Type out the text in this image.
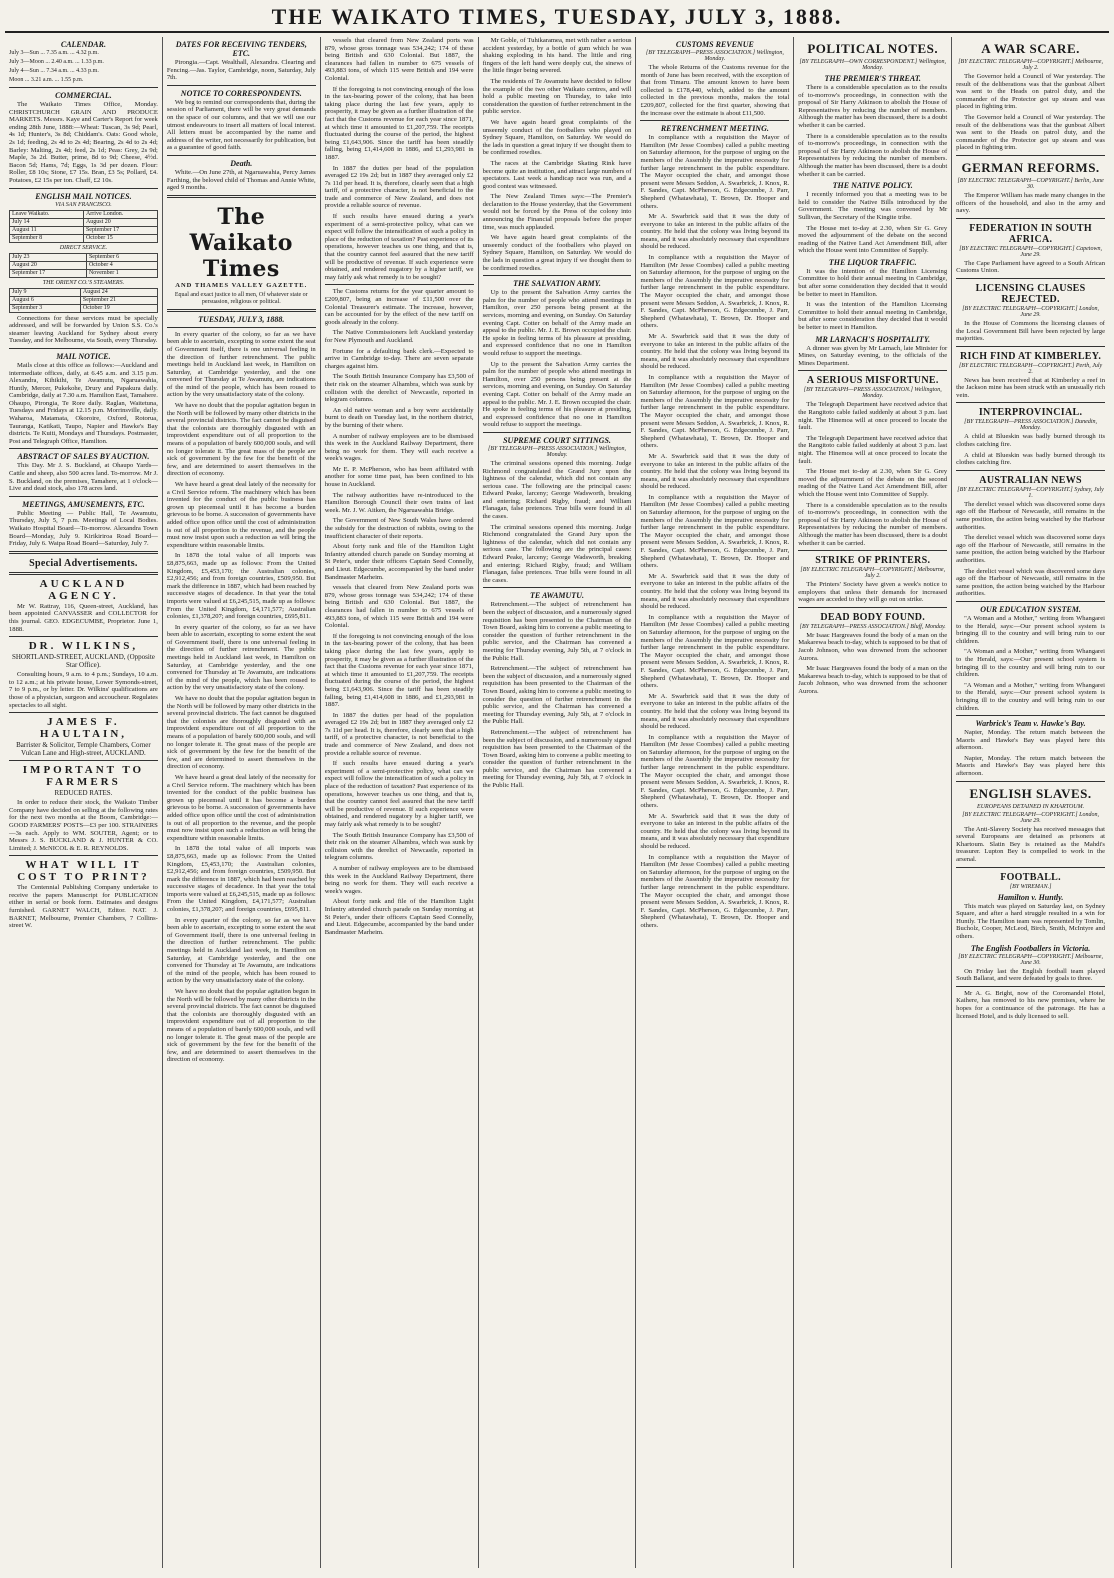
THE WAIKATO TIMES, TUESDAY, JULY 3, 1888.
CALENDAR.
July 3—Sun ... 7.35 a.m. ... 4.32 p.m.
July 3—Moon ... 2.40 a.m. ... 1.33 p.m.
July 4—Sun ... 7.34 a.m. ... 4.33 p.m.
Moon ... 3.21 a.m. ... 1.55 p.m.
COMMERCIAL.

The Waikato Times Office, Monday. CHRISTCHURCH GRAIN AND PRODUCE MARKETS. Messrs. Kaye and Carter's Report for week ending 28th June, 1888:—Wheat: Tuscan, 3s 9d; Pearl, 4s 1d; Hunter's, 3s 8d; Chiddam's. Oats: Good whole, 2s 1d; feeding, 2s 4d to 2s 4d; Bearing, 2s 4d to 2s 4d; Barley: Malting, 2s 4d; feed, 2s 1d; Peas: Grey, 2s 9d; Maple, 3s 2d. Butter, prime, 8d to 9d; Cheese, 4½d. Bacon 5d; Hams, 7d; Eggs, 1s 3d per dozen. Flour: Roller, £8 10s; Stone, £7 15s. Bran, £3 5s; Pollard, £4. Potatoes, £2 15s per ton. Chaff, £2 10s.

ENGLISH MAIL NOTICES.
VIA SAN FRANCISCO.
Leave Waikato.	Arrive London.
July 14	August 20
August 11	September 17
September 8	October 15
DIRECT SERVICE.
July 23	September 6
August 20	October 4
September 17	November 1
THE ORIENT CO.'S STEAMERS.
July 9	August 24
August 6	September 21
September 3	October 19

Connections for these services must be specially addressed, and will be forwarded by Union S.S. Co.'s steamer leaving Auckland for Sydney about every Tuesday, and for Melbourne, via South, every Thursday.

MAIL NOTICE.

Mails close at this office as follows:—Auckland and intermediate offices, daily, at 6.45 a.m. and 3.15 p.m. Alexandra, Kihikihi, Te Awamutu, Ngaruawahia, Huntly, Mercer, Pukekohe, Drury and Papakura daily. Cambridge, daily at 7.30 a.m. Hamilton East, Tamahere. Ohaupo, Pirongia, Te Rore daily. Raglan, Waitetuna, Tuesdays and Fridays at 12.15 p.m. Morrinsville, daily. Waharoa, Matamata, Okoroire, Oxford, Rotorua, Tauranga, Katikati, Taupo, Napier and Hawke's Bay districts. Te Kuiti, Mondays and Thursdays. Postmaster, Post and Telegraph Office, Hamilton.

ABSTRACT OF SALES BY AUCTION.

This Day. Mr J. S. Buckland, at Ohaupo Yards—Cattle and sheep, also 500 acres land. To-morrow. Mr J. S. Buckland, on the premises, Tamahere, at 1 o'clock—Live and dead stock, also 178 acres land.

MEETINGS, AMUSEMENTS, ETC.

Public Meeting — Public Hall, Te Awamutu, Thursday, July 5, 7 p.m. Meetings of Local Bodies. Waikato Hospital Board—To-morrow. Alexandra Town Board—Monday, July 9. Kirikiriroa Road Board—Friday, July 6. Waipa Road Board—Saturday, July 7.

Special Advertisements.
AUCKLAND AGENCY.

Mr W. Rattray, 116, Queen-street, Auckland, has been appointed CANVASSER and COLLECTOR for this journal. GEO. EDGECUMBE, Proprietor. June 1, 1888.

DR. WILKINS,
SHORTLAND-STREET, AUCKLAND, (Opposite Star Office).

Consulting hours, 9 a.m. to 4 p.m.; Sundays, 10 a.m. to 12 a.m.; at his private house, Lower Symonds-street, 7 to 9 p.m., or by letter. Dr. Wilkins' qualifications are those of a physician, surgeon and accoucheur. Regulates spectacles to all sight.

JAMES F. HAULTAIN,
Barrister & Solicitor, Temple Chambers, Corner Vulcan Lane and High-street, AUCKLAND.
IMPORTANT TO FARMERS
REDUCED RATES.

In order to reduce their stock, the Waikato Timber Company have decided on selling at the following rates for the next two months at the Boom, Cambridge:— GOOD FARMERS' POSTS—£3 per 100. STRAINERS—3s each. Apply to WM. SOUTER, Agent; or to Messrs J. S. BUCKLAND & J. HUNTER & CO. Limited; J. McNICOL & E. R. REYNOLDS.

WHAT WILL IT COST TO PRINT?

The Centennial Publishing Company undertake to receive the papers Manuscript for PUBLICATION either in serial or book form. Estimates and designs furnished. GARNET WALCH, Editor. NAT. J. BARNET, Melbourne, Premier Chambers, 7 Collins-street W.

DATES FOR RECEIVING TENDERS, ETC.

Pirongia.—Capt. Wealthall, Alexandra. Clearing and Fencing.—Jas. Taylor, Cambridge, noon, Saturday, July 7th.

NOTICE TO CORRESPONDENTS.

We beg to remind our correspondents that, during the session of Parliament, there will be very great demands on the space of our columns, and that we will use our utmost endeavours to insert all matters of local interest. All letters must be accompanied by the name and address of the writer, not necessarily for publication, but as a guarantee of good faith.

Death.

White.—On June 27th, at Ngaruawahia, Percy James Farthing, the beloved child of Thomas and Annie White, aged 9 months.

The Waikato Times
AND THAMES VALLEY GAZETTE.
Equal and exact justice to all men, Of whatever state or persuasion, religious or political.
TUESDAY, JULY 3, 1888.

In every quarter of the colony, so far as we have been able to ascertain, excepting to some extent the seat of Government itself, there is one universal feeling in the direction of further retrenchment. The public meetings held in Auckland last week, in Hamilton on Saturday, at Cambridge yesterday, and the one convened for Thursday at Te Awamutu, are indications of the mind of the people, which has been roused to action by the very unsatisfactory state of the colony.

We have no doubt that the popular agitation begun in the North will be followed by many other districts in the several provincial districts. The fact cannot be disguised that the colonists are thoroughly disgusted with an improvident expenditure out of all proportion to the means of a population of barely 600,000 souls, and will no longer tolerate it. The great mass of the people are sick of government by the few for the benefit of the few, and are determined to assert themselves in the direction of economy.

We have heard a great deal lately of the necessity for a Civil Service reform. The machinery which has been invented for the conduct of the public business has grown up piecemeal until it has become a burden grievous to be borne. A succession of governments have added office upon office until the cost of administration is out of all proportion to the revenue, and the people must now insist upon such a reduction as will bring the expenditure within reasonable limits.

In 1878 the total value of all imports was £8,875,663, made up as follows: From the United Kingdom, £5,453,170; the Australian colonies, £2,912,456; and from foreign countries, £509,950. But mark the difference in 1887, which had been reached by successive stages of decadence. In that year the total imports were valued at £6,245,515, made up as follows: From the United Kingdom, £4,171,577; Australian colonies, £1,378,207; and foreign countries, £695,811.

In every quarter of the colony, so far as we have been able to ascertain, excepting to some extent the seat of Government itself, there is one universal feeling in the direction of further retrenchment. The public meetings held in Auckland last week, in Hamilton on Saturday, at Cambridge yesterday, and the one convened for Thursday at Te Awamutu, are indications of the mind of the people, which has been roused to action by the very unsatisfactory state of the colony.

We have no doubt that the popular agitation begun in the North will be followed by many other districts in the several provincial districts. The fact cannot be disguised that the colonists are thoroughly disgusted with an improvident expenditure out of all proportion to the means of a population of barely 600,000 souls, and will no longer tolerate it. The great mass of the people are sick of government by the few for the benefit of the few, and are determined to assert themselves in the direction of economy.

We have heard a great deal lately of the necessity for a Civil Service reform. The machinery which has been invented for the conduct of the public business has grown up piecemeal until it has become a burden grievous to be borne. A succession of governments have added office upon office until the cost of administration is out of all proportion to the revenue, and the people must now insist upon such a reduction as will bring the expenditure within reasonable limits.

In 1878 the total value of all imports was £8,875,663, made up as follows: From the United Kingdom, £5,453,170; the Australian colonies, £2,912,456; and from foreign countries, £509,950. But mark the difference in 1887, which had been reached by successive stages of decadence. In that year the total imports were valued at £6,245,515, made up as follows: From the United Kingdom, £4,171,577; Australian colonies, £1,378,207; and foreign countries, £695,811.

In every quarter of the colony, so far as we have been able to ascertain, excepting to some extent the seat of Government itself, there is one universal feeling in the direction of further retrenchment. The public meetings held in Auckland last week, in Hamilton on Saturday, at Cambridge yesterday, and the one convened for Thursday at Te Awamutu, are indications of the mind of the people, which has been roused to action by the very unsatisfactory state of the colony.

We have no doubt that the popular agitation begun in the North will be followed by many other districts in the several provincial districts. The fact cannot be disguised that the colonists are thoroughly disgusted with an improvident expenditure out of all proportion to the means of a population of barely 600,000 souls, and will no longer tolerate it. The great mass of the people are sick of government by the few for the benefit of the few, and are determined to assert themselves in the direction of economy.

vessels that cleared from New Zealand ports was 879, whose gross tonnage was 534,242; 174 of these being British and 630 Colonial. But 1887, the clearances had fallen in number to 675 vessels of 493,883 tons, of which 115 were British and 194 were Colonial.

If the foregoing is not convincing enough of the loss in the tax-bearing power of the colony, that has been taking place during the last few years, apply to prosperity, it may be given as a further illustration of the fact that the Customs revenue for each year since 1871, at which time it amounted to £1,207,759. The receipts fluctuated during the course of the period, the highest being £1,643,906. Since the tariff has been steadily falling, being £1,414,608 in 1886, and £1,293,981 in 1887.

In 1887 the duties per head of the population averaged £2 19s 2d; but in 1887 they averaged only £2 7s 11d per head. It is, therefore, clearly seen that a high tariff, of a protective character, is not beneficial to the trade and commerce of New Zealand, and does not provide a reliable source of revenue.

If such results have ensued during a year's experiment of a semi-protective policy, what can we expect will follow the intensification of such a policy in place of the reduction of taxation? Past experience of its operations, however teaches us one thing, and that is, that the country cannot feel assured that the new tariff will be productive of revenue. If such experience were obtained, and rendered nugatory by a higher tariff, we may fairly ask what remedy is to be sought?

The Customs returns for the year quarter amount to £209,807, being an increase of £11,500 over the Colonial Treasurer's estimate. The increase, however, can be accounted for by the effect of the new tariff on goods already in the colony.

The Native Commissioners left Auckland yesterday for New Plymouth and Auckland.

Fortune for a defaulting bank clerk.—Expected to arrive in Cambridge to-day. There are seven separate charges against him.

The South British Insurance Company has £3,500 of their risk on the steamer Alhambra, which was sunk by collision with the derelict of Newcastle, reported in telegram columns.

An old native woman and a boy were accidentally burnt to death on Tuesday last, in the northern district, by the burning of their where.

A number of railway employees are to be dismissed this week in the Auckland Railway Department, there being no work for them. They will each receive a week's wages.

Mr E. P. McPherson, who has been affiliated with another for some time past, has been confined to his house in Auckland.

The railway authorities have re-introduced to the Hamilton Borough Council their own trains of last week. Mr. J. W. Aitken, the Ngaruawahia Bridge.

The Government of New South Wales have ordered the subsidy for the destruction of rabbits, owing to the insufficient character of their reports.

About forty rank and file of the Hamilton Light Infantry attended church parade on Sunday morning at St Peter's, under their officers Captain Seed Connelly, and Lieut. Edgecumbe, accompanied by the band under Bandmaster Marheim.

vessels that cleared from New Zealand ports was 879, whose gross tonnage was 534,242; 174 of these being British and 630 Colonial. But 1887, the clearances had fallen in number to 675 vessels of 493,883 tons, of which 115 were British and 194 were Colonial.

If the foregoing is not convincing enough of the loss in the tax-bearing power of the colony, that has been taking place during the last few years, apply to prosperity, it may be given as a further illustration of the fact that the Customs revenue for each year since 1871, at which time it amounted to £1,207,759. The receipts fluctuated during the course of the period, the highest being £1,643,906. Since the tariff has been steadily falling, being £1,414,608 in 1886, and £1,293,981 in 1887.

In 1887 the duties per head of the population averaged £2 19s 2d; but in 1887 they averaged only £2 7s 11d per head. It is, therefore, clearly seen that a high tariff, of a protective character, is not beneficial to the trade and commerce of New Zealand, and does not provide a reliable source of revenue.

If such results have ensued during a year's experiment of a semi-protective policy, what can we expect will follow the intensification of such a policy in place of the reduction of taxation? Past experience of its operations, however teaches us one thing, and that is, that the country cannot feel assured that the new tariff will be productive of revenue. If such experience were obtained, and rendered nugatory by a higher tariff, we may fairly ask what remedy is to be sought?

The South British Insurance Company has £3,500 of their risk on the steamer Alhambra, which was sunk by collision with the derelict of Newcastle, reported in telegram columns.

A number of railway employees are to be dismissed this week in the Auckland Railway Department, there being no work for them. They will each receive a week's wages.

About forty rank and file of the Hamilton Light Infantry attended church parade on Sunday morning at St Peter's, under their officers Captain Seed Connelly, and Lieut. Edgecumbe, accompanied by the band under Bandmaster Marheim.

Mr Goble, of Tuhikaramea, met with rather a serious accident yesterday, by a bottle of gum which he was shaking exploding in his hand. The little and ring fingers of the left hand were deeply cut, the sinews of the little finger being severed.

The residents of Te Awamutu have decided to follow the example of the two other Waikato centres, and will hold a public meeting on Thursday, to take into consideration the question of further retrenchment in the public service.

We have again heard great complaints of the unseemly conduct of the footballers who played on Sydney Square, Hamilton, on Saturday. We would do the lads in question a great injury if we thought them to be confirmed rowdies.

The races at the Cambridge Skating Rink have become quite an institution, and attract large numbers of spectators. Last week a handicap race was run, and a good contest was witnessed.

The New Zealand Times says:—The Premier's declaration to the House yesterday, that the Government would not be forced by the Press of the colony into announcing the Financial proposals before the proper time, was much applauded.

We have again heard great complaints of the unseemly conduct of the footballers who played on Sydney Square, Hamilton, on Saturday. We would do the lads in question a great injury if we thought them to be confirmed rowdies.

THE SALVATION ARMY.

Up to the present the Salvation Army carries the palm for the number of people who attend meetings in Hamilton, over 250 persons being present at the services, morning and evening, on Sunday. On Saturday evening Capt. Cotter on behalf of the Army made an appeal to the public. Mr. J. E. Brown occupied the chair. He spoke in feeling terms of his pleasure at presiding, and expressed confidence that no one in Hamilton would refuse to support the meetings.

Up to the present the Salvation Army carries the palm for the number of people who attend meetings in Hamilton, over 250 persons being present at the services, morning and evening, on Sunday. On Saturday evening Capt. Cotter on behalf of the Army made an appeal to the public. Mr. J. E. Brown occupied the chair. He spoke in feeling terms of his pleasure at presiding, and expressed confidence that no one in Hamilton would refuse to support the meetings.

SUPREME COURT SITTINGS.
[BY TELEGRAPH—PRESS ASSOCIATION.] Wellington, Monday.

The criminal sessions opened this morning. Judge Richmond congratulated the Grand Jury upon the lightness of the calendar, which did not contain any serious case. The following are the principal cases: Edward Peake, larceny; George Wadsworth, breaking and entering; Richard Rigby, fraud; and William Flanagan, false pretences. True bills were found in all the cases.

The criminal sessions opened this morning. Judge Richmond congratulated the Grand Jury upon the lightness of the calendar, which did not contain any serious case. The following are the principal cases: Edward Peake, larceny; George Wadsworth, breaking and entering; Richard Rigby, fraud; and William Flanagan, false pretences. True bills were found in all the cases.

TE AWAMUTU.

Retrenchment.—The subject of retrenchment has been the subject of discussion, and a numerously signed requisition has been presented to the Chairman of the Town Board, asking him to convene a public meeting to consider the question of further retrenchment in the public service, and the Chairman has convened a meeting for Thursday evening, July 5th, at 7 o'clock in the Public Hall.

Retrenchment.—The subject of retrenchment has been the subject of discussion, and a numerously signed requisition has been presented to the Chairman of the Town Board, asking him to convene a public meeting to consider the question of further retrenchment in the public service, and the Chairman has convened a meeting for Thursday evening, July 5th, at 7 o'clock in the Public Hall.

Retrenchment.—The subject of retrenchment has been the subject of discussion, and a numerously signed requisition has been presented to the Chairman of the Town Board, asking him to convene a public meeting to consider the question of further retrenchment in the public service, and the Chairman has convened a meeting for Thursday evening, July 5th, at 7 o'clock in the Public Hall.

CUSTOMS REVENUE
[BY TELEGRAPH—PRESS ASSOCIATION.] Wellington, Monday.

The whole Returns of the Customs revenue for the month of June has been received, with the exception of that from Timaru. The amount known to have been collected is £178,440, which, added to the amount collected in the previous months, makes the total £209,807, collected for the first quarter, showing that the increase over the estimate is about £11,500.

RETRENCHMENT MEETING.

In compliance with a requisition the Mayor of Hamilton (Mr Jesse Coombes) called a public meeting on Saturday afternoon, for the purpose of urging on the members of the Assembly the imperative necessity for further large retrenchment in the public expenditure. The Mayor occupied the chair, and amongst those present were Messrs Seddon, A. Swarbrick, J. Knox, R. F. Sandes, Capt. McPherson, G. Edgecumbe, J. Parr, Shepherd (Whatawhata), T. Brown, Dr. Hooper and others.

Mr A. Swarbrick said that it was the duty of everyone to take an interest in the public affairs of the country. He held that the colony was living beyond its means, and it was absolutely necessary that expenditure should be reduced.

In compliance with a requisition the Mayor of Hamilton (Mr Jesse Coombes) called a public meeting on Saturday afternoon, for the purpose of urging on the members of the Assembly the imperative necessity for further large retrenchment in the public expenditure. The Mayor occupied the chair, and amongst those present were Messrs Seddon, A. Swarbrick, J. Knox, R. F. Sandes, Capt. McPherson, G. Edgecumbe, J. Parr, Shepherd (Whatawhata), T. Brown, Dr. Hooper and others.

Mr A. Swarbrick said that it was the duty of everyone to take an interest in the public affairs of the country. He held that the colony was living beyond its means, and it was absolutely necessary that expenditure should be reduced.

In compliance with a requisition the Mayor of Hamilton (Mr Jesse Coombes) called a public meeting on Saturday afternoon, for the purpose of urging on the members of the Assembly the imperative necessity for further large retrenchment in the public expenditure. The Mayor occupied the chair, and amongst those present were Messrs Seddon, A. Swarbrick, J. Knox, R. F. Sandes, Capt. McPherson, G. Edgecumbe, J. Parr, Shepherd (Whatawhata), T. Brown, Dr. Hooper and others.

Mr A. Swarbrick said that it was the duty of everyone to take an interest in the public affairs of the country. He held that the colony was living beyond its means, and it was absolutely necessary that expenditure should be reduced.

In compliance with a requisition the Mayor of Hamilton (Mr Jesse Coombes) called a public meeting on Saturday afternoon, for the purpose of urging on the members of the Assembly the imperative necessity for further large retrenchment in the public expenditure. The Mayor occupied the chair, and amongst those present were Messrs Seddon, A. Swarbrick, J. Knox, R. F. Sandes, Capt. McPherson, G. Edgecumbe, J. Parr, Shepherd (Whatawhata), T. Brown, Dr. Hooper and others.

Mr A. Swarbrick said that it was the duty of everyone to take an interest in the public affairs of the country. He held that the colony was living beyond its means, and it was absolutely necessary that expenditure should be reduced.

In compliance with a requisition the Mayor of Hamilton (Mr Jesse Coombes) called a public meeting on Saturday afternoon, for the purpose of urging on the members of the Assembly the imperative necessity for further large retrenchment in the public expenditure. The Mayor occupied the chair, and amongst those present were Messrs Seddon, A. Swarbrick, J. Knox, R. F. Sandes, Capt. McPherson, G. Edgecumbe, J. Parr, Shepherd (Whatawhata), T. Brown, Dr. Hooper and others.

Mr A. Swarbrick said that it was the duty of everyone to take an interest in the public affairs of the country. He held that the colony was living beyond its means, and it was absolutely necessary that expenditure should be reduced.

In compliance with a requisition the Mayor of Hamilton (Mr Jesse Coombes) called a public meeting on Saturday afternoon, for the purpose of urging on the members of the Assembly the imperative necessity for further large retrenchment in the public expenditure. The Mayor occupied the chair, and amongst those present were Messrs Seddon, A. Swarbrick, J. Knox, R. F. Sandes, Capt. McPherson, G. Edgecumbe, J. Parr, Shepherd (Whatawhata), T. Brown, Dr. Hooper and others.

Mr A. Swarbrick said that it was the duty of everyone to take an interest in the public affairs of the country. He held that the colony was living beyond its means, and it was absolutely necessary that expenditure should be reduced.

In compliance with a requisition the Mayor of Hamilton (Mr Jesse Coombes) called a public meeting on Saturday afternoon, for the purpose of urging on the members of the Assembly the imperative necessity for further large retrenchment in the public expenditure. The Mayor occupied the chair, and amongst those present were Messrs Seddon, A. Swarbrick, J. Knox, R. F. Sandes, Capt. McPherson, G. Edgecumbe, J. Parr, Shepherd (Whatawhata), T. Brown, Dr. Hooper and others.

POLITICAL NOTES.
[BY TELEGRAPH—OWN CORRESPONDENT.] Wellington, Monday.
THE PREMIER'S THREAT.

There is a considerable speculation as to the results of to-morrow's proceedings, in connection with the proposal of Sir Harry Atkinson to abolish the House of Representatives by reducing the number of members. Although the matter has been discussed, there is a doubt whether it can be carried.

There is a considerable speculation as to the results of to-morrow's proceedings, in connection with the proposal of Sir Harry Atkinson to abolish the House of Representatives by reducing the number of members. Although the matter has been discussed, there is a doubt whether it can be carried.

THE NATIVE POLICY.

I recently informed you that a meeting was to be held to consider the Native Bills introduced by the Government. The meeting was convened by Mr Sullivan, the Secretary of the Kingite tribe.

The House met to-day at 2.30, when Sir G. Grey moved the adjournment of the debate on the second reading of the Native Land Act Amendment Bill, after which the House went into Committee of Supply.

THE LIQUOR TRAFFIC.

It was the intention of the Hamilton Licensing Committee to hold their annual meeting in Cambridge, but after some consideration they decided that it would be better to meet in Hamilton.

It was the intention of the Hamilton Licensing Committee to hold their annual meeting in Cambridge, but after some consideration they decided that it would be better to meet in Hamilton.

MR LARNACH'S HOSPITALITY.

A dinner was given by Mr Larnach, late Minister for Mines, on Saturday evening, to the officials of the Mines Department.

A SERIOUS MISFORTUNE.
[BY TELEGRAPH—PRESS ASSOCIATION.] Wellington, Monday.

The Telegraph Department have received advice that the Rangitoto cable failed suddenly at about 3 p.m. last night. The Hinemoa will at once proceed to locate the fault.

The Telegraph Department have received advice that the Rangitoto cable failed suddenly at about 3 p.m. last night. The Hinemoa will at once proceed to locate the fault.

The House met to-day at 2.30, when Sir G. Grey moved the adjournment of the debate on the second reading of the Native Land Act Amendment Bill, after which the House went into Committee of Supply.

There is a considerable speculation as to the results of to-morrow's proceedings, in connection with the proposal of Sir Harry Atkinson to abolish the House of Representatives by reducing the number of members. Although the matter has been discussed, there is a doubt whether it can be carried.

STRIKE OF PRINTERS.
[BY ELECTRIC TELEGRAPH—COPYRIGHT.] Melbourne, July 2.

The Printers' Society have given a week's notice to employers that unless their demands for increased wages are acceded to they will go out on strike.

DEAD BODY FOUND.
[BY TELEGRAPH—PRESS ASSOCIATION.] Bluff, Monday.

Mr Isaac Hargreaves found the body of a man on the Makarewa beach to-day, which is supposed to be that of Jacob Johnson, who was drowned from the schooner Aurora.

Mr Isaac Hargreaves found the body of a man on the Makarewa beach to-day, which is supposed to be that of Jacob Johnson, who was drowned from the schooner Aurora.

A WAR SCARE.
[BY ELECTRIC TELEGRAPH—COPYRIGHT.] Melbourne, July 2.

The Governor held a Council of War yesterday. The result of the deliberations was that the gunboat Albert was sent to the Heads on patrol duty, and the commander of the Protector got up steam and was placed in fighting trim.

The Governor held a Council of War yesterday. The result of the deliberations was that the gunboat Albert was sent to the Heads on patrol duty, and the commander of the Protector got up steam and was placed in fighting trim.

GERMAN REFORMS.
[BY ELECTRIC TELEGRAPH—COPYRIGHT.] Berlin, June 30.

The Emperor William has made many changes in the officers of the household, and also in the army and navy.

FEDERATION IN SOUTH AFRICA.
[BY ELECTRIC TELEGRAPH—COPYRIGHT.] Capetown, June 29.

The Cape Parliament have agreed to a South African Customs Union.

LICENSING CLAUSES REJECTED.
[BY ELECTRIC TELEGRAPH—COPYRIGHT.] London, June 29.

In the House of Commons the licensing clauses of the Local Government Bill have been rejected by large majorities.

RICH FIND AT KIMBERLEY.
[BY ELECTRIC TELEGRAPH—COPYRIGHT.] Perth, July 2.

News has been received that at Kimberley a reef in the Jackson mine has been struck with an unusually rich vein.

INTERPROVINCIAL.
[BY TELEGRAPH—PRESS ASSOCIATION.] Dunedin, Monday.

A child at Blueskin was badly burned through its clothes catching fire.

A child at Blueskin was badly burned through its clothes catching fire.

AUSTRALIAN NEWS
[BY ELECTRIC TELEGRAPH—COPYRIGHT.] Sydney, July 1.

The derelict vessel which was discovered some days ago off the Harbour of Newcastle, still remains in the same position, the action being watched by the Harbour authorities.

The derelict vessel which was discovered some days ago off the Harbour of Newcastle, still remains in the same position, the action being watched by the Harbour authorities.

The derelict vessel which was discovered some days ago off the Harbour of Newcastle, still remains in the same position, the action being watched by the Harbour authorities.

OUR EDUCATION SYSTEM.

"A Woman and a Mother," writing from Whangarei to the Herald, says:—Our present school system is bringing ill to the country and will bring ruin to our children.

"A Woman and a Mother," writing from Whangarei to the Herald, says:—Our present school system is bringing ill to the country and will bring ruin to our children.

"A Woman and a Mother," writing from Whangarei to the Herald, says:—Our present school system is bringing ill to the country and will bring ruin to our children.

Warbrick's Team v. Hawke's Bay.

Napier, Monday. The return match between the Maoris and Hawke's Bay was played here this afternoon.

Napier, Monday. The return match between the Maoris and Hawke's Bay was played here this afternoon.

ENGLISH SLAVES.
EUROPEANS DETAINED IN KHARTOUM.
[BY ELECTRIC TELEGRAPH—COPYRIGHT.] London, June 29.

The Anti-Slavery Society has received messages that several Europeans are detained as prisoners at Khartoum. Slatin Bey is retained as the Mahdi's treasurer. Lupton Bey is compelled to work in the arsenal.

FOOTBALL.
[BY WIREMAN.]
Hamilton v. Huntly.

This match was played on Saturday last, on Sydney Square, and after a hard struggle resulted in a win for Huntly. The Hamilton team was represented by Tomlin, Bucholz, Cooper, McLeod, Birch, Smith, McIntyre and others.

The English Footballers in Victoria.
[BY ELECTRIC TELEGRAPH—COPYRIGHT.] Melbourne, June 30.

On Friday last the English football team played South Ballarat, and were defeated by goals to three.

Mr A. G. Bright, now of the Coromandel Hotel, Kaihere, has removed to his new premises, where he hopes for a continuance of the patronage. He has a licensed Hotel, and is duly licensed to sell.
